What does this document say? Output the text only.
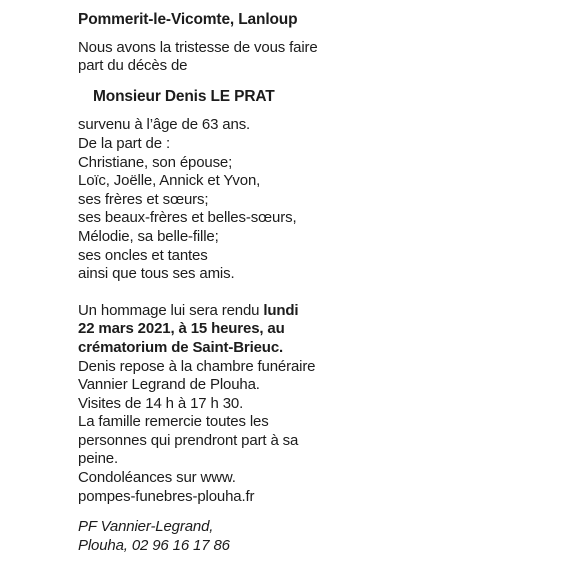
Pommerit-le-Vicomte, Lanloup
Nous avons la tristesse de vous faire
part du décès de
Monsieur Denis LE PRAT
survenu à l’âge de 63 ans.
De la part de :
Christiane, son épouse;
Loïc, Joëlle, Annick et Yvon,
ses frères et sœurs;
ses beaux-frères et belles-sœurs,
Mélodie, sa belle-fille;
ses oncles et tantes
ainsi que tous ses amis.
Un hommage lui sera rendu lundi
22 mars 2021, à 15 heures, au
crématorium de Saint-Brieuc.
Denis repose à la chambre funéraire
Vannier Legrand de Plouha.
Visites de 14 h à 17 h 30.
La famille remercie toutes les
personnes qui prendront part à sa
peine.
Condoléances sur www.
pompes-funebres-plouha.fr
PF Vannier-Legrand,
Plouha, 02 96 16 17 86
